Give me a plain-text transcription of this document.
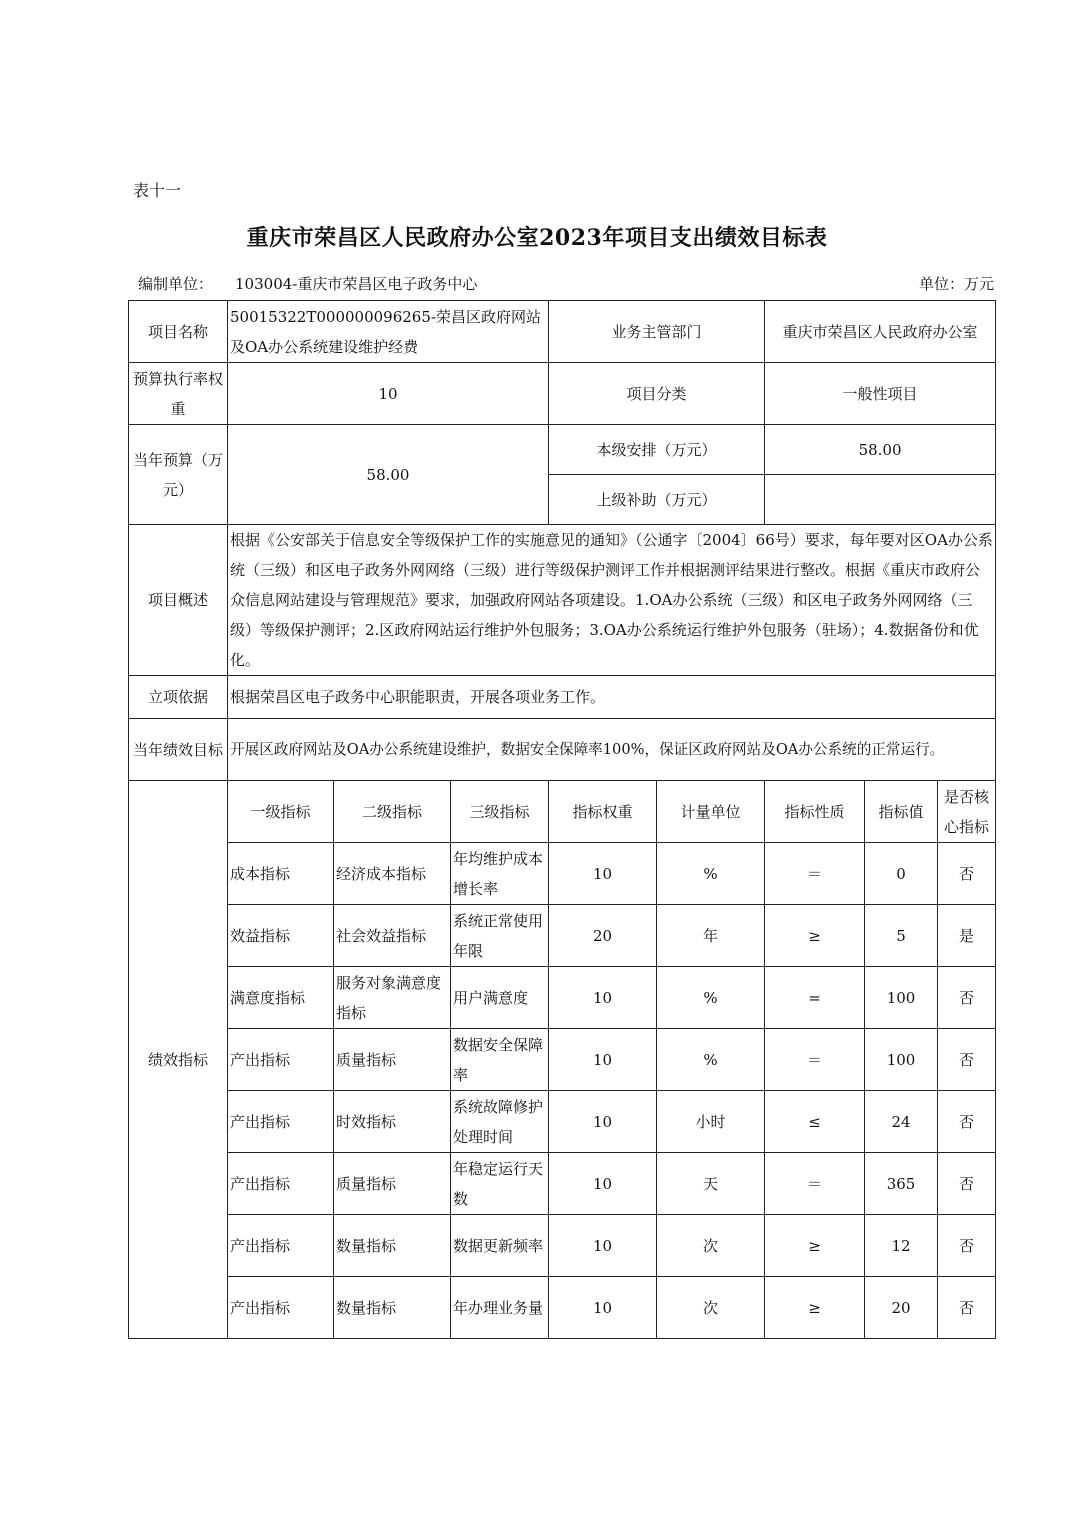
表十一
重庆市荣昌区人民政府办公室2023年项目支出绩效目标表
编制单位： 103004-重庆市荣昌区电子政务中心	单位：万元
项目名称	50015322T000000096265-荣昌区政府网站及OA办公系统建设维护经费			业务主管部门		重庆市荣昌区人民政府办公室		
预算执行率权重	10			项目分类		一般性项目		
当年预算（万元）	58.00			本级安排（万元）		58.00		
				上级补助（万元）				
项目概述	根据《公安部关于信息安全等级保护工作的实施意见的通知》（公通字〔2004〕66号）要求，每年要对区OA办公系统（三级）和区电子政务外网网络（三级）进行等级保护测评工作并根据测评结果进行整改。根据《重庆市政府公众信息网站建设与管理规范》要求，加强政府网站各项建设。1.OA办公系统（三级）和区电子政务外网网络（三级）等级保护测评；2.区政府网站运行维护外包服务；3.OA办公系统运行维护外包服务（驻场）；4.数据备份和优化。							
立项依据	根据荣昌区电子政务中心职能职责，开展各项业务工作。							
当年绩效目标	开展区政府网站及OA办公系统建设维护，数据安全保障率100%，保证区政府网站及OA办公系统的正常运行。							
绩效指标	一级指标	二级指标	三级指标	指标权重	计量单位	指标性质	指标值	是否核心指标
	成本指标	经济成本指标	年均维护成本增长率	10	%	＝	0	否
	效益指标	社会效益指标	系统正常使用年限	20	年	≥	5	是
	满意度指标	服务对象满意度指标	用户满意度	10	%	=	100	否
	产出指标	质量指标	数据安全保障率	10	%	＝	100	否
	产出指标	时效指标	系统故障修护处理时间	10	小时	≤	24	否
	产出指标	质量指标	年稳定运行天数	10	天	＝	365	否
	产出指标	数量指标	数据更新频率	10	次	≥	12	否
	产出指标	数量指标	年办理业务量	10	次	≥	20	否
